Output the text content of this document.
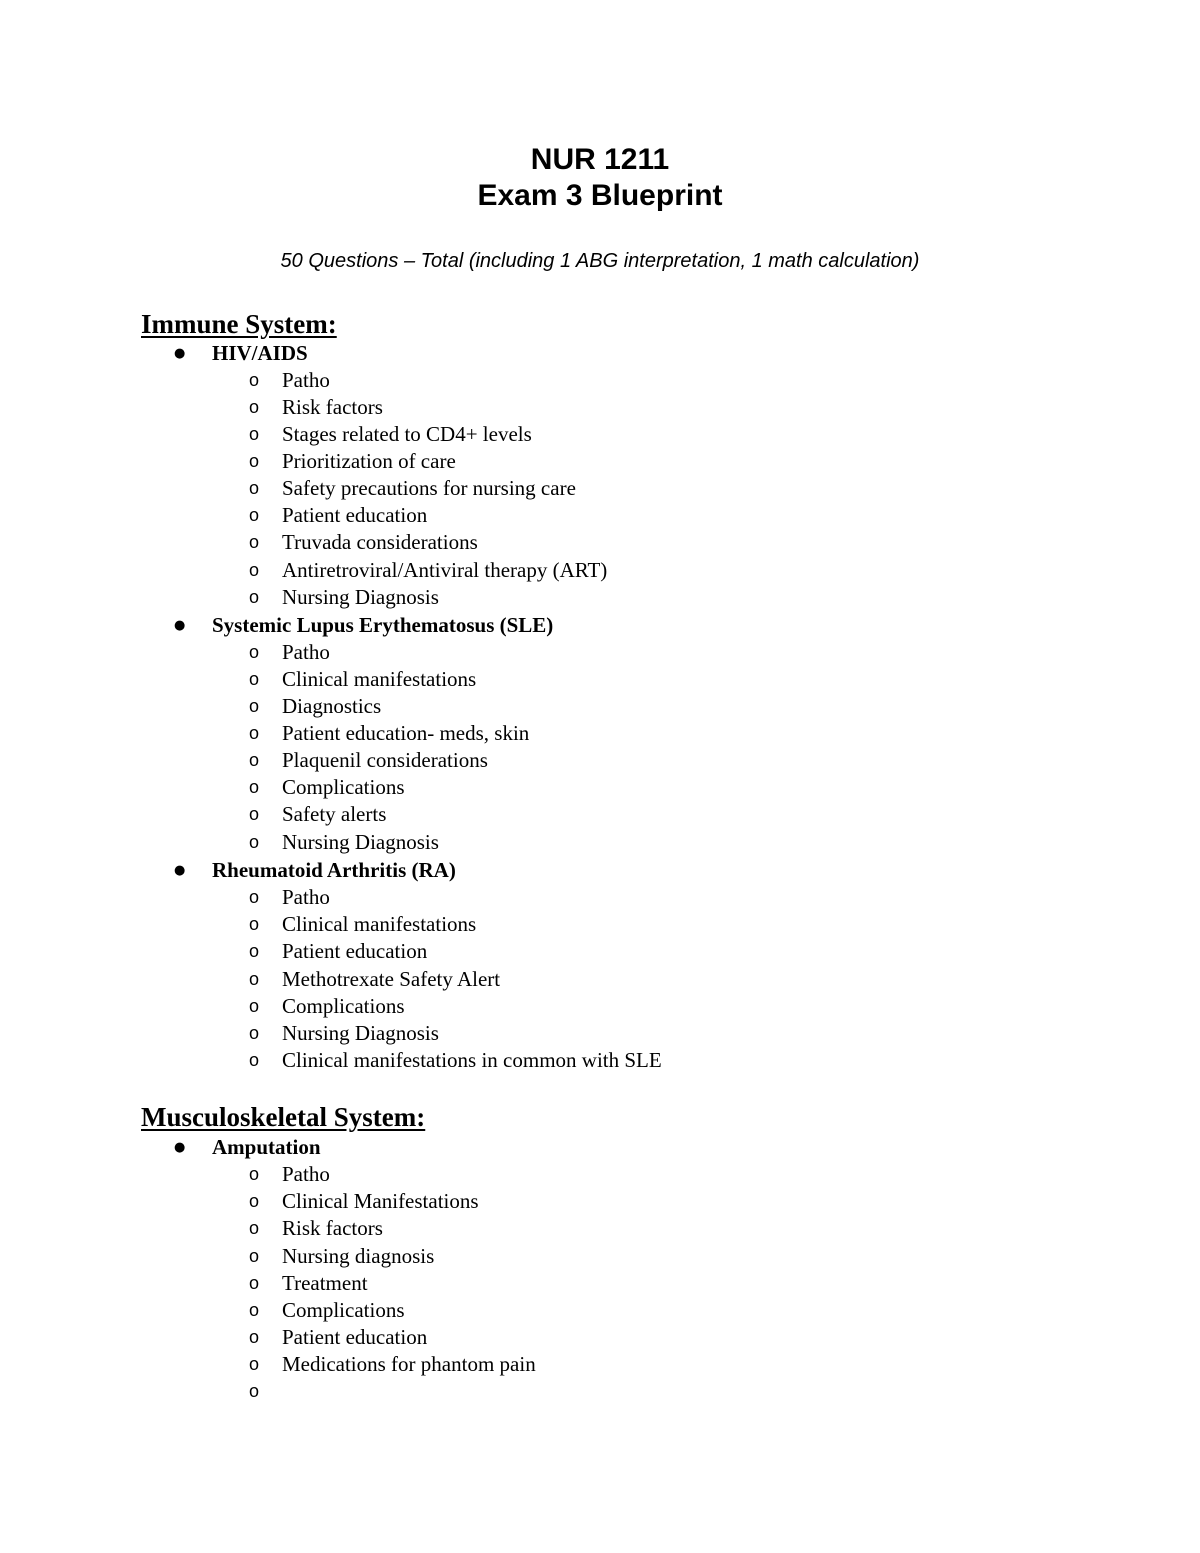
NUR 1211
Exam 3 Blueprint
50 Questions – Total (including 1 ABG interpretation, 1 math calculation)
Immune System:
● HIV/AIDS
o Patho
o Risk factors
o Stages related to CD4+ levels
o Prioritization of care
o Safety precautions for nursing care
o Patient education
o Truvada considerations
o Antiretroviral/Antiviral therapy (ART)
o Nursing Diagnosis
● Systemic Lupus Erythematosus (SLE)
o Patho
o Clinical manifestations
o Diagnostics
o Patient education- meds, skin
o Plaquenil considerations
o Complications
o Safety alerts
o Nursing Diagnosis
● Rheumatoid Arthritis (RA)
o Patho
o Clinical manifestations
o Patient education
o Methotrexate Safety Alert
o Complications
o Nursing Diagnosis
o Clinical manifestations in common with SLE
Musculoskeletal System:
● Amputation
o Patho
o Clinical Manifestations
o Risk factors
o Nursing diagnosis
o Treatment
o Complications
o Patient education
o Medications for phantom pain
o
